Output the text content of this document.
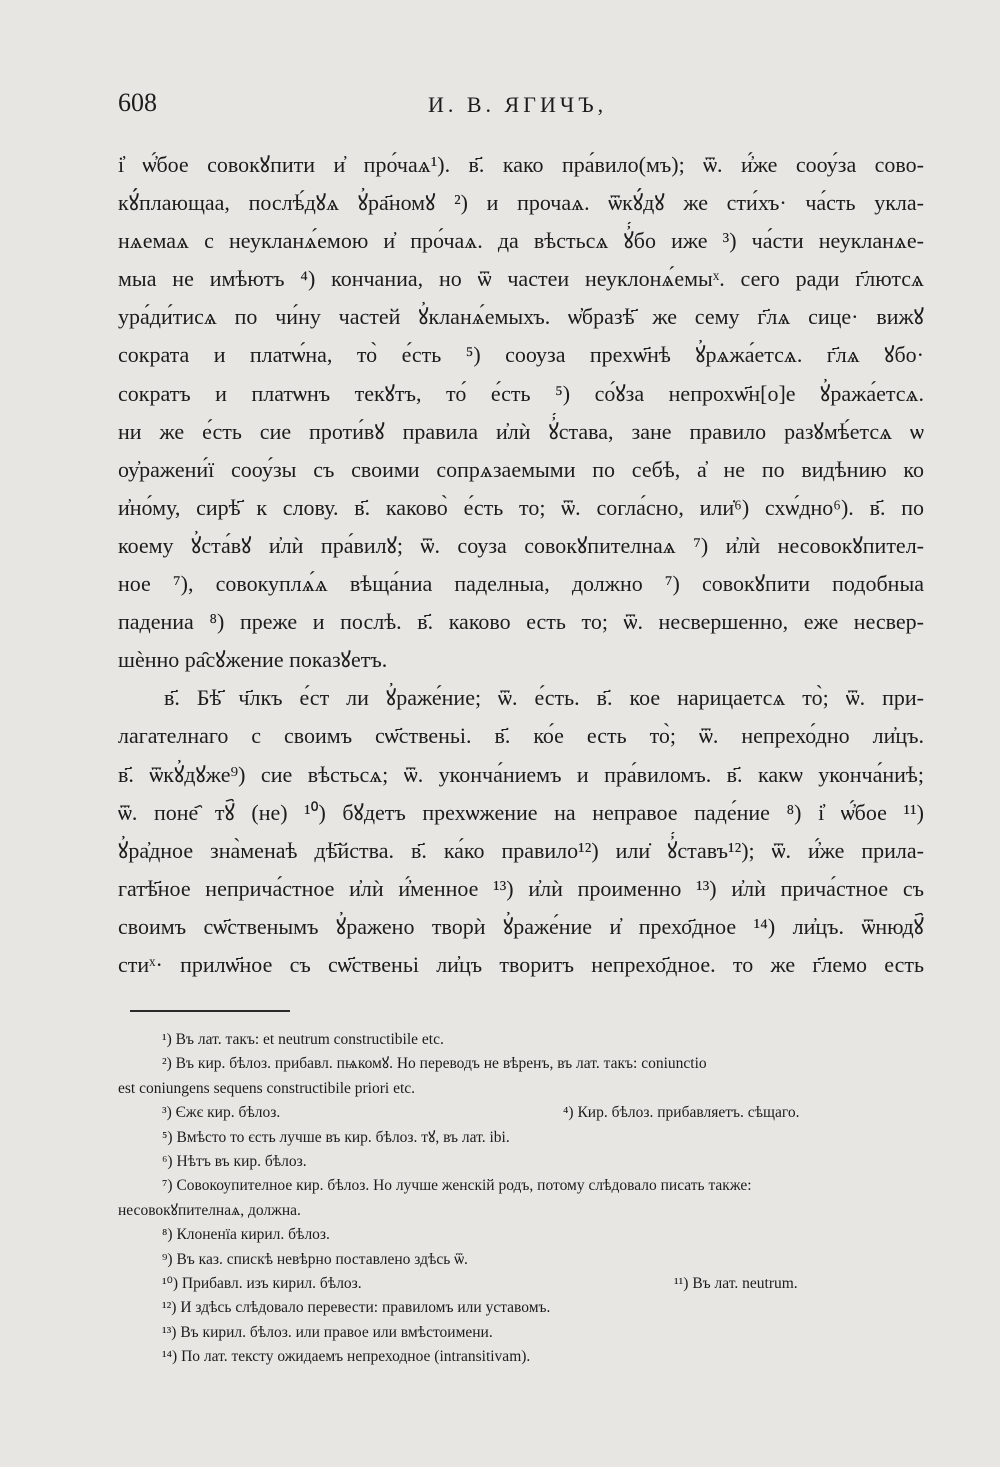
608	И. В. ЯГИЧЪ,
і҆ ѡ҆́бое совокꙋпити и҆ про́чаѧ¹). в҃. како пра́вило(мъ); ѿ. и҆́же сооу́за сово-
кꙋ́плающаа, послѣ́дꙋѧ ꙋ҆ра҃номꙋ ²) и прочаѧ. ѿкꙋ́дꙋ же сти́хъ· ча́сть укла-
нѧемаѧ с неукланѧ́емою и҆ про́чаѧ. да вѣстьсѧ ꙋ҆́бо иже ³) ча́сти неукланѧе-
мыа не имѣютъ ⁴) кончаниа, но ѿ частеи неуклонѧ́емыˣ. сего ради г҃лютсѧ
ура́ди́тисѧ по чи́ну частей ꙋ҆кланѧ́емыхъ. ѡ҆бразѣ҃ же сему г҃лѧ сице· вижꙋ
сократа и платѡ́на, то̀ е́сть ⁵) сооуза прехѡ҃нѣ ꙋ҆рѧжа́етсѧ. г҃лѧ ꙋбо·
сократъ и платѡнъ текꙋтъ, то́ е́сть ⁵) со́ꙋза непрохѡ҃н[о]е ꙋ҆ража́етсѧ.
ни же е́сть сие проти́вꙋ правила и҆лѝ ꙋ҆́става, зане правило разꙋмѣ́етсѧ ѡ
оу҆ражени́ї сооу́зы съ своими сопрѧзаемыми по себѣ, а҆ не по видѣнию ко
и҆но́му, сирѣ҃ к слову. в҃. каково̀ е́сть то; ѿ. согла́сно, или̇⁶) схѡ́дно⁶). в҃. по
коему ꙋ҆ста́вꙋ и҆лѝ пра́вилꙋ; ѿ. соуза совокꙋпителнаѧ ⁷) и҆лѝ несовокꙋпител-
ное ⁷), совокуплѧ́ѧ вѣща́ниа паделныа, должно ⁷) совокꙋпити подобныа
падениа ⁸) преже и послѣ. в҃. каково есть то; ѿ. несвершенно, еже несвер-
шѐнно ра̑сꙋжение показꙋетъ.
в҃. Бѣ҃ ч҃лкъ е́ст ли ꙋ҆раже́ние; ѿ. е́сть. в҃. кое нарицаетсѧ то̀; ѿ. при-
лагателнаго с своимъ сѡ҃ственьі. в҃. ко́е есть то̀; ѿ. непрехо́дно ли҆цъ.
в҃. ѿкꙋ҆дꙋже⁹) сие вѣстьсѧ; ѿ. уконча́ниемъ и пра́виломъ. в҃. какѡ уконча́ниѣ;
ѿ. поне҄ тꙋ҄ (не) ¹⁰) бꙋдетъ прехѡжение на неправое паде́ние ⁸) і҆ ѡ҆́бое ¹¹)
ꙋ҆ра҆дное зна̀менаѣ дѣ҃йства. в҃. ка́ко правило¹²) или̇ ꙋ҆́ставъ¹²); ѿ. и҆́же прила-
гатѣ҃ное неприча́стное и҆лѝ и҆́менное ¹³) и҆лѝ проименно ¹³) и҆лѝ прича́стное съ
своимъ сѡ҃ственымъ ꙋ҆ражено творѝ ꙋ҆раже́ние и҆ прехо҃дное ¹⁴) ли҆цъ. ѿнюдꙋ҄
стиˣ· прилѡ҃ное съ сѡ҃ственьі ли҆цъ творитъ непрехо҃дное. то же г҃лемо есть
¹) Въ лат. такъ: et neutrum constructibile etc.
²) Въ кир. бѣлоз. прибавл. пѩкомꙋ. Но переводъ не вѣренъ, въ лат. такъ: coniunctio
est coniungens sequens constructibile priori etc.
³) Єжє кир. бѣлоз.	⁴) Кир. бѣлоз. прибавляетъ. сѣщаго.
⁵) Вмѣсто то єсть лучше въ кир. бѣлоз. тꙋ, въ лат. ibi.
⁶) Нѣтъ въ кир. бѣлоз.
⁷) Совокоупителное кир. бѣлоз. Но лучше женскій родъ, потому слѣдовало писать также:
несовокꙋпителнаѧ, должна.
⁸) Клоненїа кирил. бѣлоз.
⁹) Въ каз. спискѣ невѣрно поставлено здѣсь ѿ.
¹⁰) Прибавл. изъ кирил. бѣлоз.	¹¹) Въ лат. neutrum.
¹²) И здѣсь слѣдовало перевести: правиломъ или уставомъ.
¹³) Въ кирил. бѣлоз. или правое или вмѣстоимени.
¹⁴) По лат. тексту ожидаемъ непреходное (intransitivam).
